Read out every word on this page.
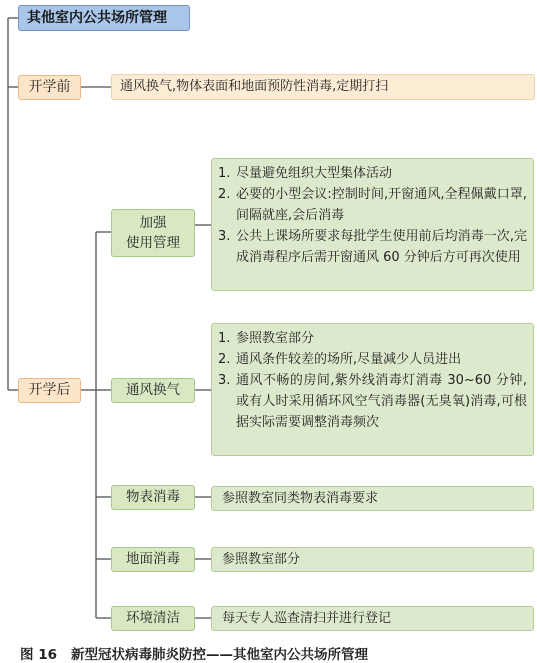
其他室内公共场所管理
开学前	通风换气,物体表面和地面预防性消毒,定期打扫
开学后
加强
使用管理
1. 尽量避免组织大型集体活动
2. 必要的小型会议:控制时间,开窗通风,全程佩戴口罩,间隔就座,会后消毒
3. 公共上课场所要求每批学生使用前后均消毒一次,完成消毒程序后需开窗通风 60 分钟后方可再次使用
通风换气
1. 参照教室部分
2. 通风条件较差的场所,尽量减少人员进出
3. 通风不畅的房间,紫外线消毒灯消毒 30~60 分钟,或有人时采用循环风空气消毒器(无臭氧)消毒,可根据实际需要调整消毒频次
物表消毒	参照教室同类物表消毒要求
地面消毒	参照教室部分
环境清洁	每天专人巡查清扫并进行登记
图 16 新型冠状病毒肺炎防控——其他室内公共场所管理
